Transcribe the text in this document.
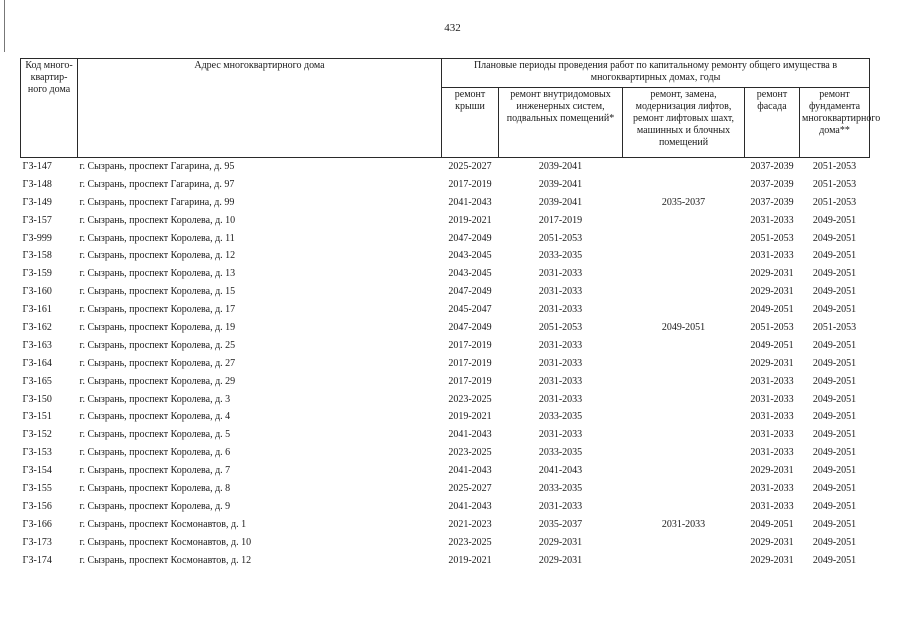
432
Код много-квартир-ного дома	Адрес многоквартирного дома	Плановые периоды проведения работ по капитальному ремонту общего имущества в многоквартирных домах, годы				
		ремонт крыши	ремонт внутридомовых инженерных систем, подвальных помещений*	ремонт, замена, модернизация лифтов, ремонт лифтовых шахт, машинных и блочных помещений	ремонт фасада	ремонт фундамента многоквартирного дома**
ГЗ-147	г. Сызрань, проспект Гагарина, д. 95	2025-2027	2039-2041		2037-2039	2051-2053
ГЗ-148	г. Сызрань, проспект Гагарина, д. 97	2017-2019	2039-2041		2037-2039	2051-2053
ГЗ-149	г. Сызрань, проспект Гагарина, д. 99	2041-2043	2039-2041	2035-2037	2037-2039	2051-2053
ГЗ-157	г. Сызрань, проспект Королева, д. 10	2019-2021	2017-2019		2031-2033	2049-2051
ГЗ-999	г. Сызрань, проспект Королева, д. 11	2047-2049	2051-2053		2051-2053	2049-2051
ГЗ-158	г. Сызрань, проспект Королева, д. 12	2043-2045	2033-2035		2031-2033	2049-2051
ГЗ-159	г. Сызрань, проспект Королева, д. 13	2043-2045	2031-2033		2029-2031	2049-2051
ГЗ-160	г. Сызрань, проспект Королева, д. 15	2047-2049	2031-2033		2029-2031	2049-2051
ГЗ-161	г. Сызрань, проспект Королева, д. 17	2045-2047	2031-2033		2049-2051	2049-2051
ГЗ-162	г. Сызрань, проспект Королева, д. 19	2047-2049	2051-2053	2049-2051	2051-2053	2051-2053
ГЗ-163	г. Сызрань, проспект Королева, д. 25	2017-2019	2031-2033		2049-2051	2049-2051
ГЗ-164	г. Сызрань, проспект Королева, д. 27	2017-2019	2031-2033		2029-2031	2049-2051
ГЗ-165	г. Сызрань, проспект Королева, д. 29	2017-2019	2031-2033		2031-2033	2049-2051
ГЗ-150	г. Сызрань, проспект Королева, д. 3	2023-2025	2031-2033		2031-2033	2049-2051
ГЗ-151	г. Сызрань, проспект Королева, д. 4	2019-2021	2033-2035		2031-2033	2049-2051
ГЗ-152	г. Сызрань, проспект Королева, д. 5	2041-2043	2031-2033		2031-2033	2049-2051
ГЗ-153	г. Сызрань, проспект Королева, д. 6	2023-2025	2033-2035		2031-2033	2049-2051
ГЗ-154	г. Сызрань, проспект Королева, д. 7	2041-2043	2041-2043		2029-2031	2049-2051
ГЗ-155	г. Сызрань, проспект Королева, д. 8	2025-2027	2033-2035		2031-2033	2049-2051
ГЗ-156	г. Сызрань, проспект Королева, д. 9	2041-2043	2031-2033		2031-2033	2049-2051
ГЗ-166	г. Сызрань, проспект Космонавтов, д. 1	2021-2023	2035-2037	2031-2033	2049-2051	2049-2051
ГЗ-173	г. Сызрань, проспект Космонавтов, д. 10	2023-2025	2029-2031		2029-2031	2049-2051
ГЗ-174	г. Сызрань, проспект Космонавтов, д. 12	2019-2021	2029-2031		2029-2031	2049-2051
